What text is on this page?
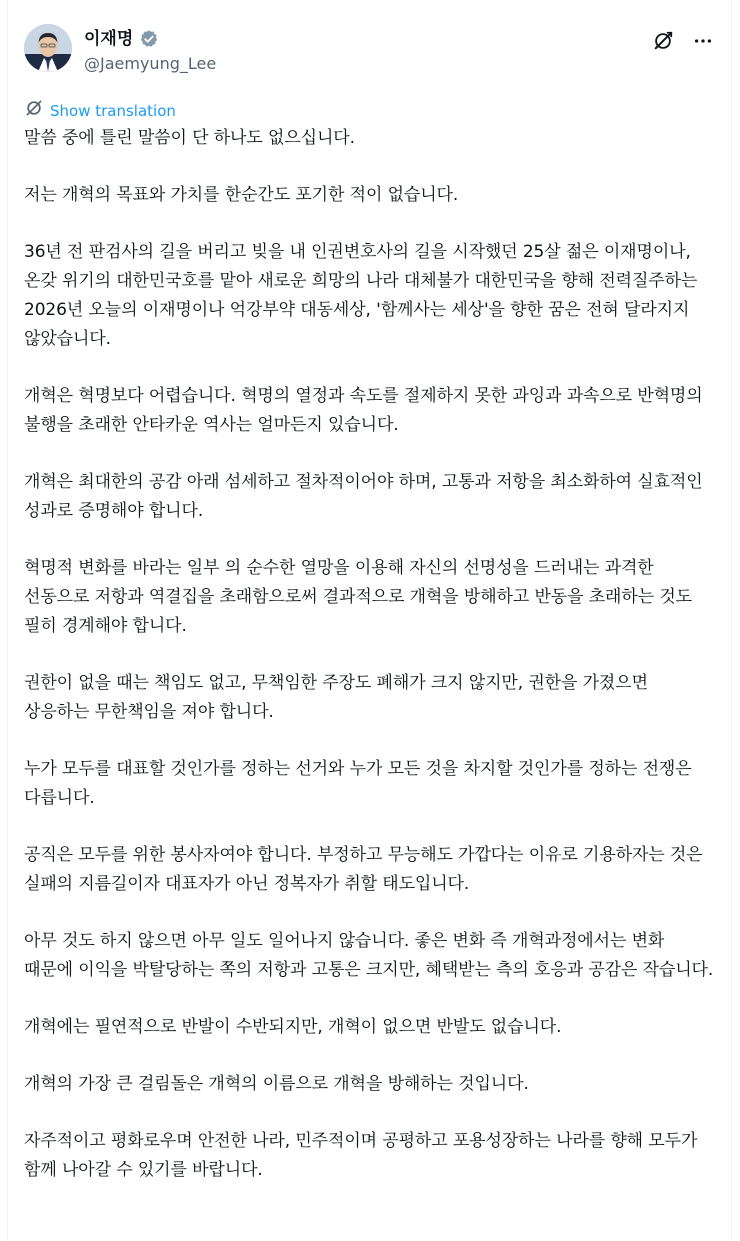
이재명
@Jaemyung_Lee
Show translation

말씀 중에 틀린 말씀이 단 하나도 없으십니다.

저는 개혁의 목표와 가치를 한순간도 포기한 적이 없습니다.

36년 전 판검사의 길을 버리고 빚을 내 인권변호사의 길을 시작했던 25살 젊은 이재명이나, 온갖 위기의 대한민국호를 맡아 새로운 희망의 나라 대체불가 대한민국을 향해 전력질주하는 2026년 오늘의 이재명이나 억강부약 대동세상, '함께사는 세상'을 향한 꿈은 전혀 달라지지 않았습니다.

개혁은 혁명보다 어렵습니다. 혁명의 열정과 속도를 절제하지 못한 과잉과 과속으로 반혁명의 불행을 초래한 안타카운 역사는 얼마든지 있습니다.

개혁은 최대한의 공감 아래 섬세하고 절차적이어야 하며, 고통과 저항을 최소화하여 실효적인 성과로 증명해야 합니다.

혁명적 변화를 바라는 일부 의 순수한 열망을 이용해 자신의 선명성을 드러내는 과격한 선동으로 저항과 역결집을 초래함으로써 결과적으로 개혁을 방해하고 반동을 초래하는 것도 필히 경계해야 합니다.

권한이 없을 때는 책임도 없고, 무책임한 주장도 폐해가 크지 않지만, 권한을 가졌으면 상응하는 무한책임을 져야 합니다.

누가 모두를 대표할 것인가를 정하는 선거와 누가 모든 것을 차지할 것인가를 정하는 전쟁은 다릅니다.

공직은 모두를 위한 봉사자여야 합니다. 부정하고 무능해도 가깝다는 이유로 기용하자는 것은 실패의 지름길이자 대표자가 아닌 정복자가 취할 태도입니다.

아무 것도 하지 않으면 아무 일도 일어나지 않습니다. 좋은 변화 즉 개혁과정에서는 변화 때문에 이익을 박탈당하는 쪽의 저항과 고통은 크지만, 혜택받는 측의 호응과 공감은 작습니다.

개혁에는 필연적으로 반발이 수반되지만, 개혁이 없으면 반발도 없습니다.

개혁의 가장 큰 걸림돌은 개혁의 이름으로 개혁을 방해하는 것입니다.

자주적이고 평화로우며 안전한 나라, 민주적이며 공평하고 포용성장하는 나라를 향해 모두가 함께 나아갈 수 있기를 바랍니다.
